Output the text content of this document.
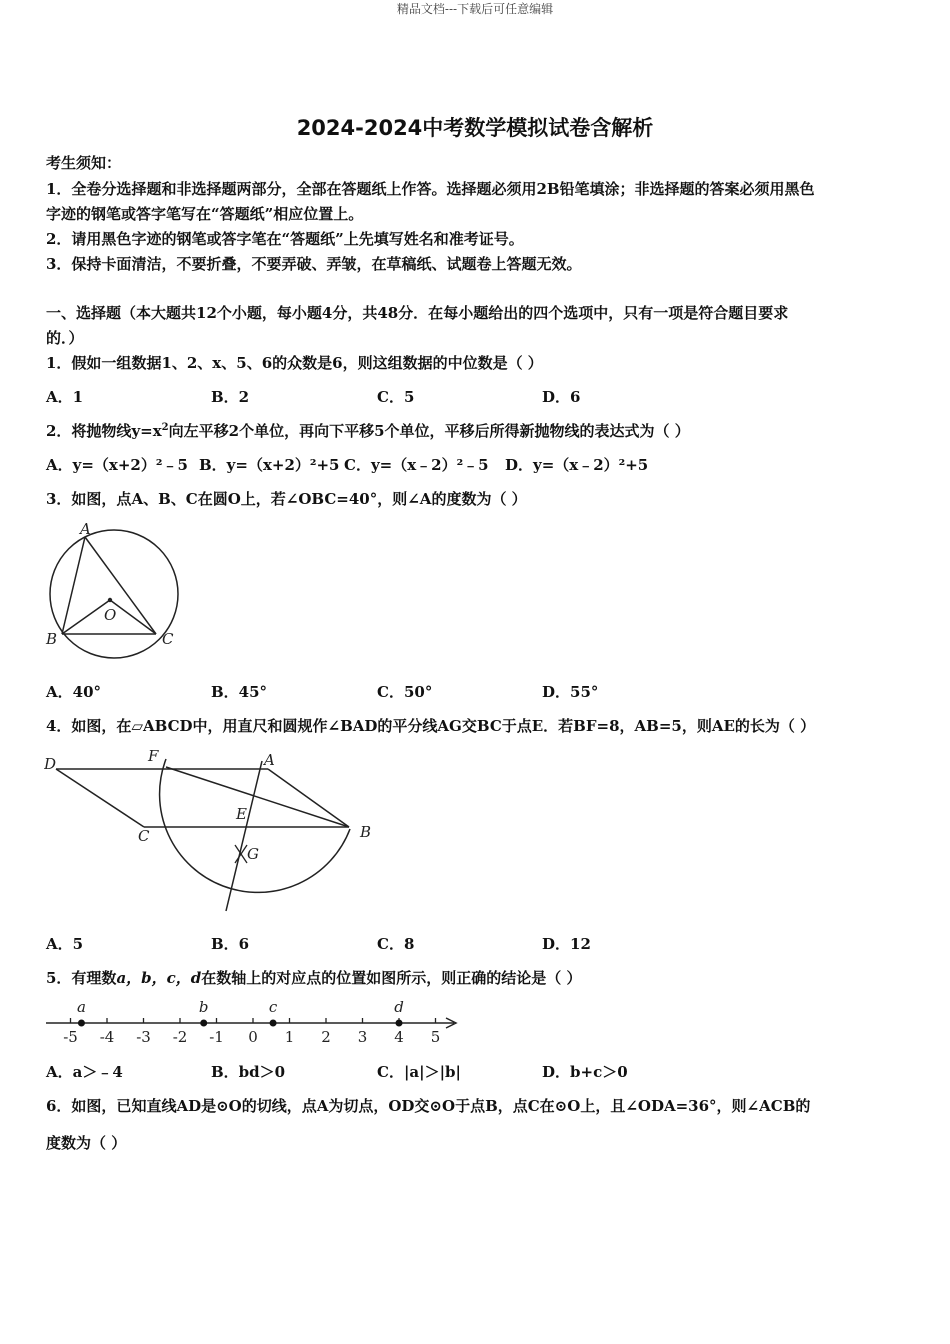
精品文档---下载后可任意编辑
2024-2024中考数学模拟试卷含解析
考生须知：
1．全卷分选择题和非选择题两部分，全部在答题纸上作答。选择题必须用2B铅笔填涂；非选择题的答案必须用黑色
字迹的钢笔或答字笔写在“答题纸”相应位置上。
2．请用黑色字迹的钢笔或答字笔在“答题纸”上先填写姓名和准考证号。
3．保持卡面清洁，不要折叠，不要弄破、弄皱，在草稿纸、试题卷上答题无效。
一、选择题（本大题共12个小题，每小题4分，共48分．在每小题给出的四个选项中，只有一项是符合题目要求
的．）
1．假如一组数据1、2、x、5、6的众数是6，则这组数据的中位数是（ ）
A．1	B．2	C．5	D．6
2．将抛物线$y=x^2$向左平移2个单位，再向下平移5个单位，平移后所得新抛物线的表达式为（ ）
A．y=（x+2）²﹣5 B．y=（x+2）²+5 C．y=（x﹣2）²﹣5 D．y=（x﹣2）²+5
3．如图，点A、B、C在圆O上，若∠OBC=40°，则∠A的度数为（ ）
A
B	C
O
A．40°	B．45°	C．50°	D．55°
4．如图，在▱ABCD中，用直尺和圆规作∠BAD的平分线AG交BC于点E．若BF=8，AB=5，则AE的长为（ ）
D	F	A
E
C	B
G
A．5	B．6	C．8	D．12
5．有理数a，b，c，d在数轴上的对应点的位置如图所示，则正确的结论是（ ）
-5 -4 -3 -2 -1 0 1 2 3 4 5
a	b	c	d
A．a＞﹣4	B．bd＞0	C．|a|＞|b|	D．b+c＞0
6．如图，已知直线AD是⊙O的切线，点A为切点，OD交⊙O于点B，点C在⊙O上，且∠ODA=36°，则∠ACB的
度数为（ ）
